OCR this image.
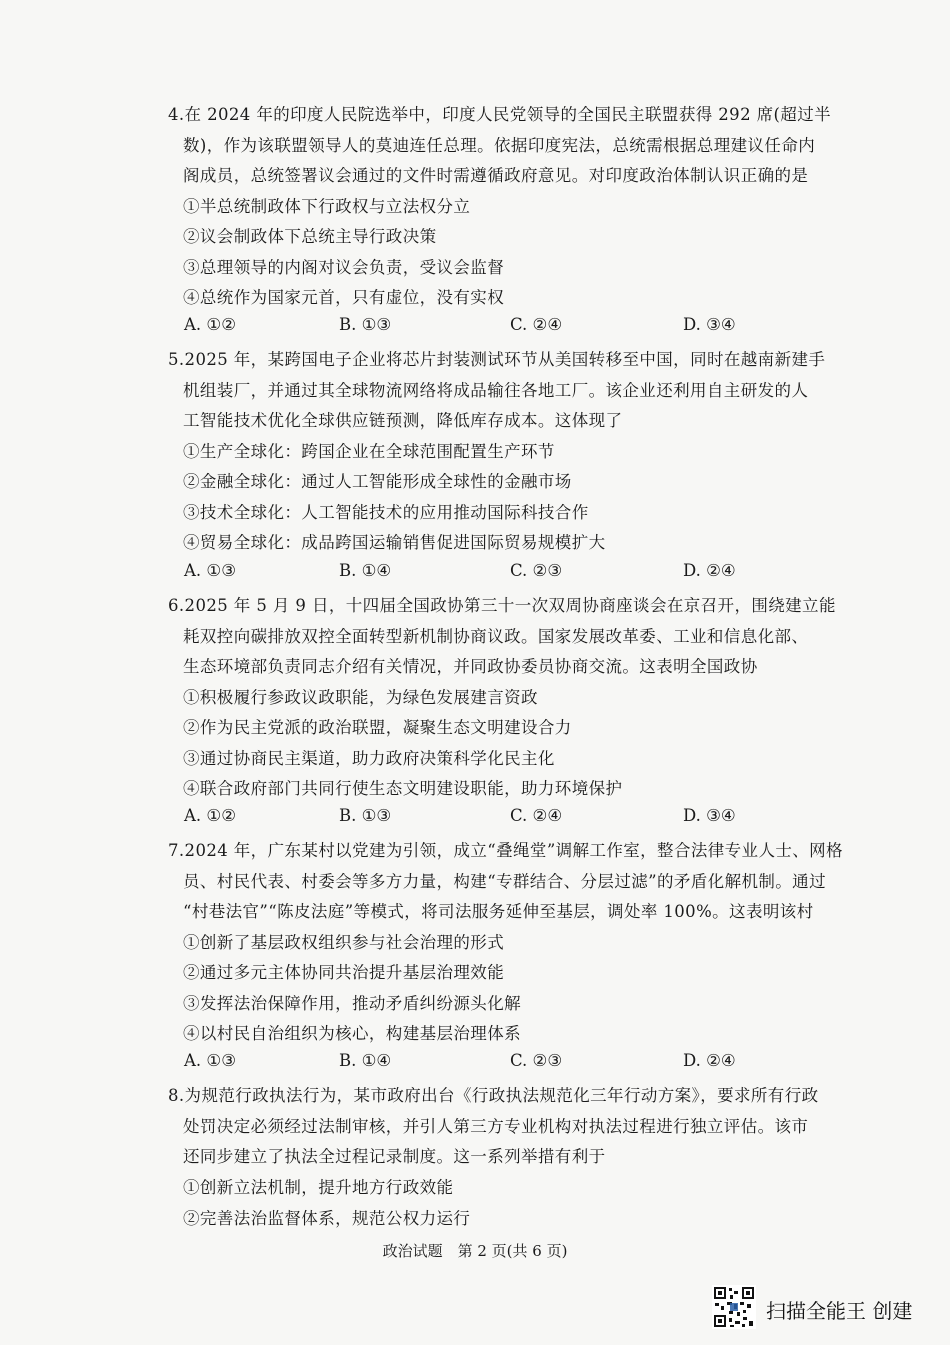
4.在 2024 年的印度人民院选举中，印度人民党领导的全国民主联盟获得 292 席(超过半
数)，作为该联盟领导人的莫迪连任总理。依据印度宪法，总统需根据总理建议任命内
阁成员，总统签署议会通过的文件时需遵循政府意见。对印度政治体制认识正确的是
①半总统制政体下行政权与立法权分立
②议会制政体下总统主导行政决策
③总理领导的内阁对议会负责，受议会监督
④总统作为国家元首，只有虚位，没有实权
A. ①②	B. ①③	C. ②④	D. ③④
5.2025 年，某跨国电子企业将芯片封装测试环节从美国转移至中国，同时在越南新建手
机组装厂，并通过其全球物流网络将成品输往各地工厂。该企业还利用自主研发的人
工智能技术优化全球供应链预测，降低库存成本。这体现了
①生产全球化：跨国企业在全球范围配置生产环节
②金融全球化：通过人工智能形成全球性的金融市场
③技术全球化：人工智能技术的应用推动国际科技合作
④贸易全球化：成品跨国运输销售促进国际贸易规模扩大
A. ①③	B. ①④	C. ②③	D. ②④
6.2025 年 5 月 9 日，十四届全国政协第三十一次双周协商座谈会在京召开，围绕建立能
耗双控向碳排放双控全面转型新机制协商议政。国家发展改革委、工业和信息化部、
生态环境部负责同志介绍有关情况，并同政协委员协商交流。这表明全国政协
①积极履行参政议政职能，为绿色发展建言资政
②作为民主党派的政治联盟，凝聚生态文明建设合力
③通过协商民主渠道，助力政府决策科学化民主化
④联合政府部门共同行使生态文明建设职能，助力环境保护
A. ①②	B. ①③	C. ②④	D. ③④
7.2024 年，广东某村以党建为引领，成立“叠绳堂”调解工作室，整合法律专业人士、网格
员、村民代表、村委会等多方力量，构建“专群结合、分层过滤”的矛盾化解机制。通过
“村巷法官”“陈皮法庭”等模式，将司法服务延伸至基层，调处率 100%。这表明该村
①创新了基层政权组织参与社会治理的形式
②通过多元主体协同共治提升基层治理效能
③发挥法治保障作用，推动矛盾纠纷源头化解
④以村民自治组织为核心，构建基层治理体系
A. ①③	B. ①④	C. ②③	D. ②④
8.为规范行政执法行为，某市政府出台《行政执法规范化三年行动方案》，要求所有行政
处罚决定必须经过法制审核，并引人第三方专业机构对执法过程进行独立评估。该市
还同步建立了执法全过程记录制度。这一系列举措有利于
①创新立法机制，提升地方行政效能
②完善法治监督体系，规范公权力运行
政治试题　第 2 页(共 6 页)
扫描全能王 创建
